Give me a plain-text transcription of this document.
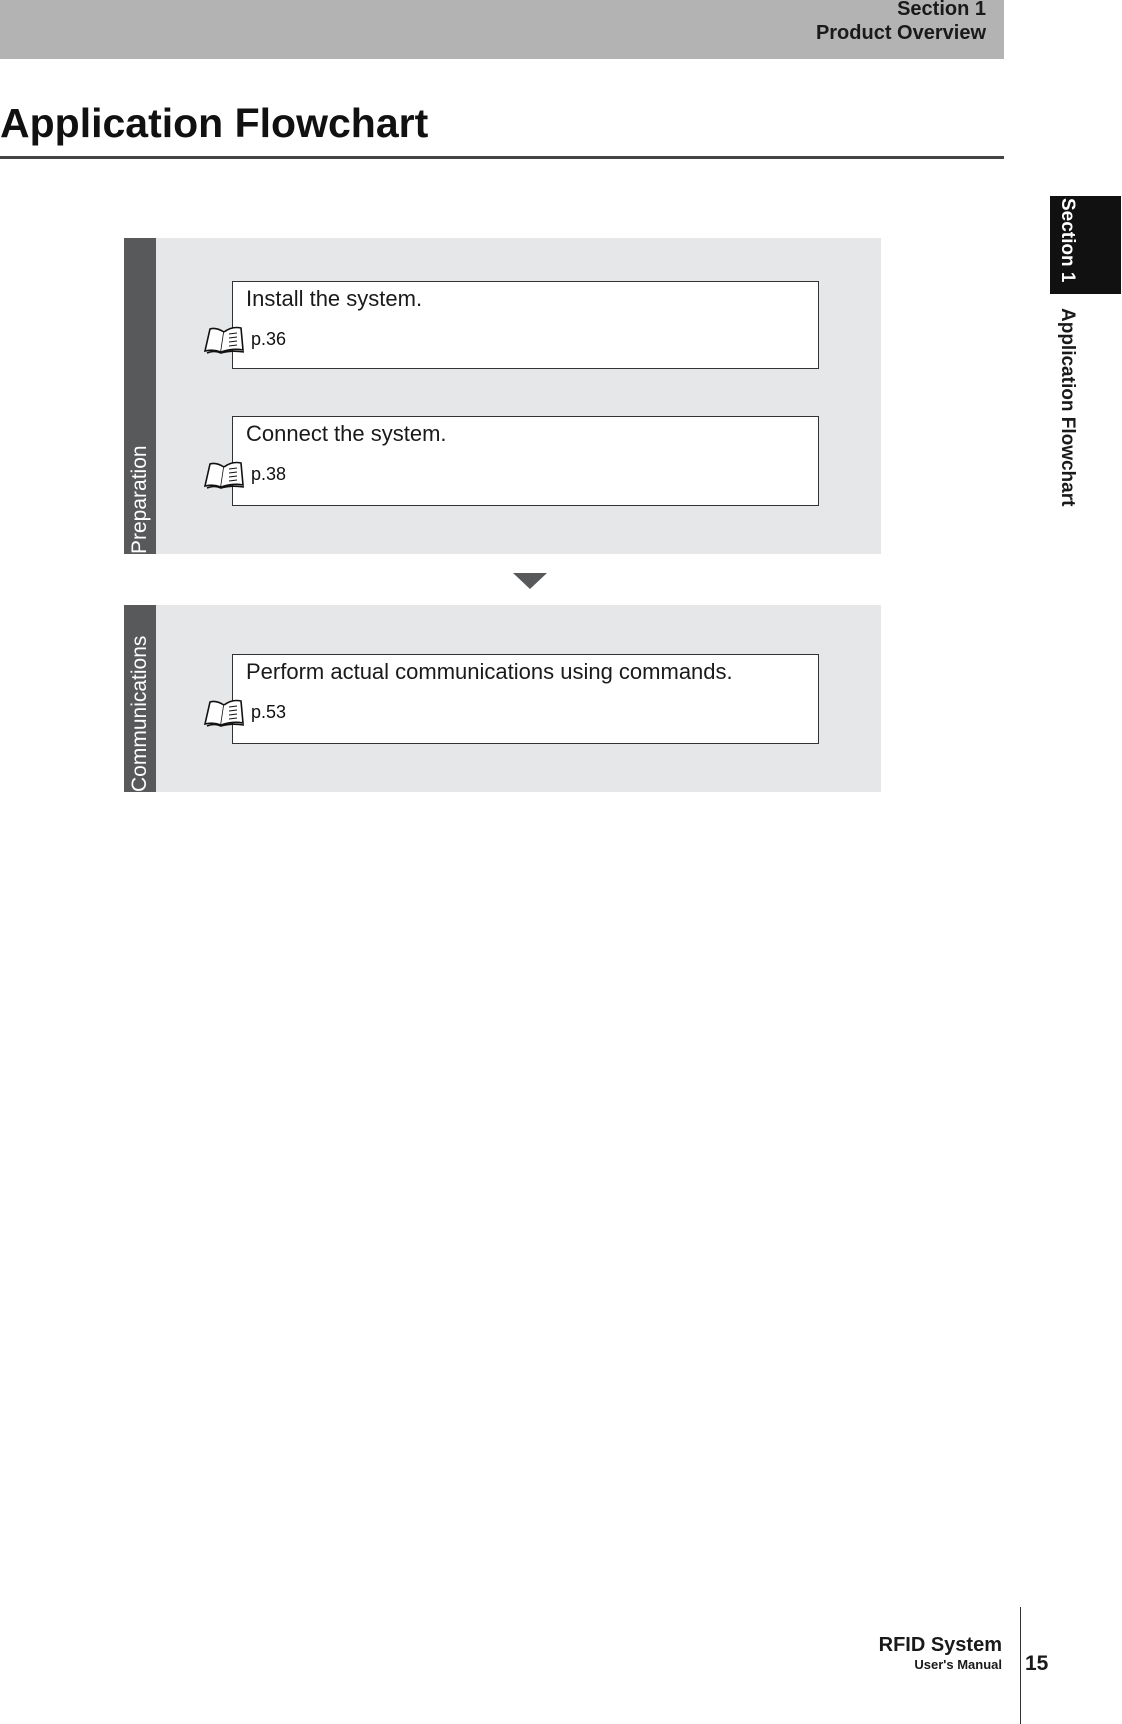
Section 1
Product Overview
Application Flowchart
Section 1
Application Flowchart
Preparation
Install the system.
p.36
Connect the system.
p.38
Communications	Perform actual communications using commands.
p.53
RFID System
User's Manual 15
